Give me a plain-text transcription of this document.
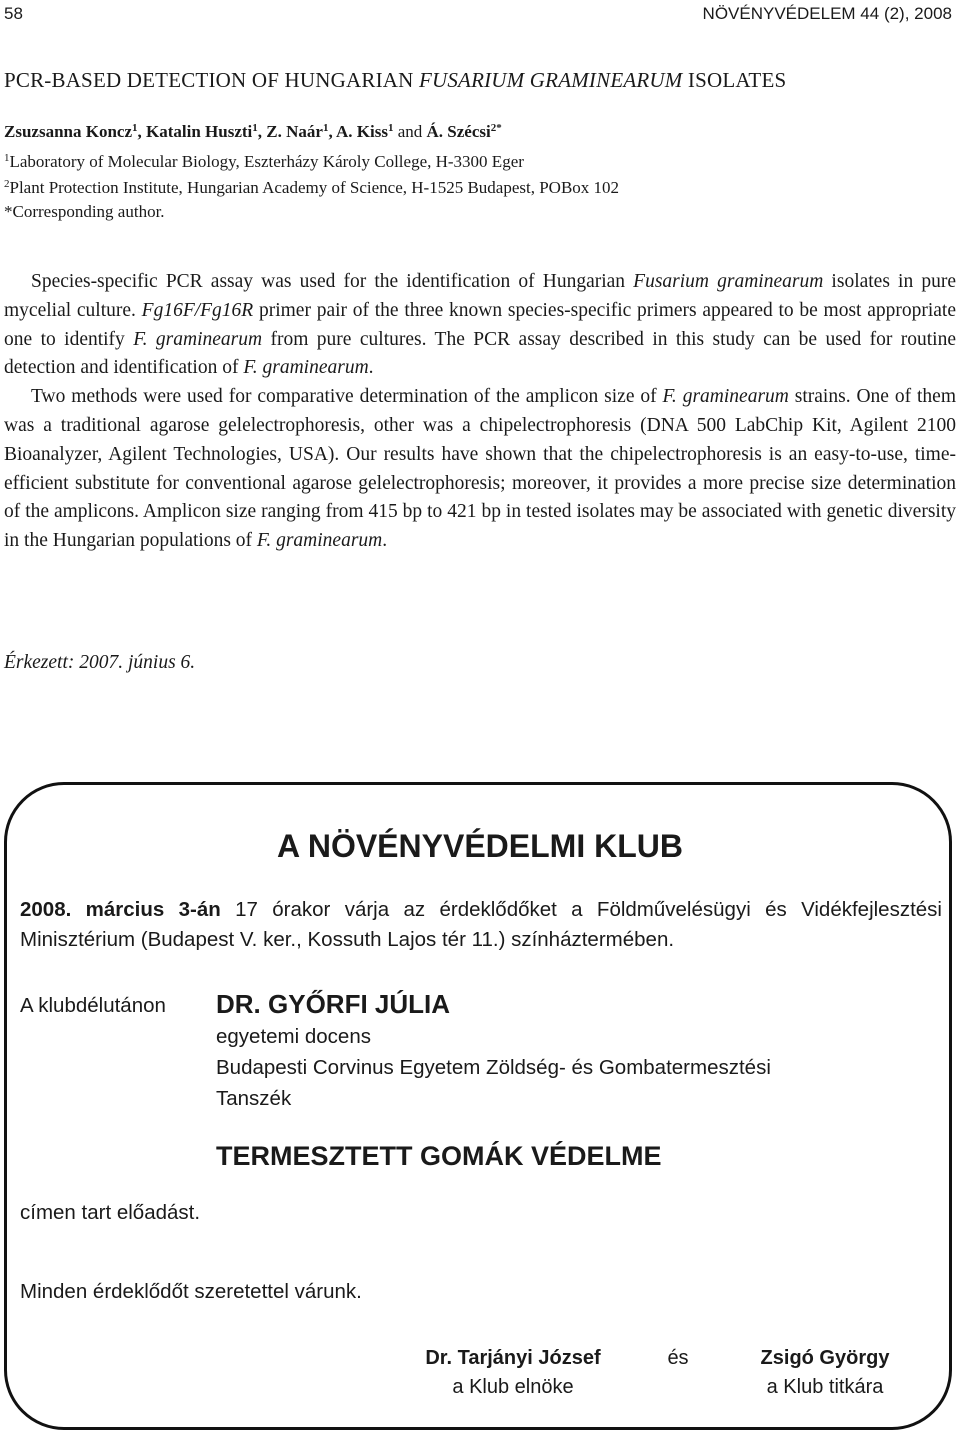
58	NÖVÉNYVÉDELEM 44 (2), 2008
PCR-BASED DETECTION OF HUNGARIAN FUSARIUM GRAMINEARUM ISOLATES
Zsuzsanna Koncz$^1$, Katalin Huszti$^1$, Z. Naár$^1$, A. Kiss$^1$ and Á. Szécsi$^{2*}$
$^1$Laboratory of Molecular Biology, Eszterházy Károly College, H-3300 Eger
$^2$Plant Protection Institute, Hungarian Academy of Science, H-1525 Budapest, POBox 102
*Corresponding author.

Species-specific PCR assay was used for the identification of Hungarian Fusarium graminearum isolates in pure mycelial culture. Fg16F/Fg16R primer pair of the three known species-specific primers appeared to be most appropriate one to identify F. graminearum from pure cultures. The PCR assay described in this study can be used for routine detection and identification of F. graminearum.

Two methods were used for comparative determination of the amplicon size of F. graminearum strains. One of them was a traditional agarose gelelectrophoresis, other was a chipelectrophoresis (DNA 500 LabChip Kit, Agilent 2100 Bioanalyzer, Agilent Technologies, USA). Our results have shown that the chipelectrophoresis is an easy-to-use, time-efficient substitute for conventional agarose gelelectrophoresis; moreover, it provides a more precise size determination of the amplicons. Amplicon size ranging from 415 bp to 421 bp in tested isolates may be associated with genetic diversity in the Hungarian populations of F. graminearum.

Érkezett: 2007. június 6.
A NÖVÉNYVÉDELMI KLUB
2008. március 3-án 17 órakor várja az érdeklődőket a Földművelésügyi és Vidékfejlesztési Minisztérium (Budapest V. ker., Kossuth Lajos tér 11.) színháztermében.
A klubdélutánon DR. GYŐRFI JÚLIA
egyetemi docens
Budapesti Corvinus Egyetem Zöldség- és Gombatermesztési
Tanszék
TERMESZTETT GOMÁK VÉDELME
címen tart előadást.
Minden érdeklődőt szeretettel várunk.
Dr. Tarjányi József
a Klub elnöke
és	Zsigó György
a Klub titkára
